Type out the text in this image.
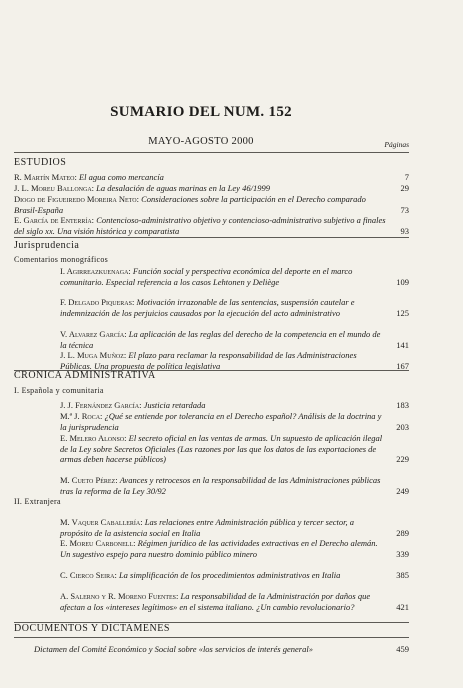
SUMARIO DEL NUM. 152
MAYO-AGOSTO 2000	Páginas
ESTUDIOS
R. Martín Mateo: El agua como mercancía	7
J. L. Moreu Ballonga: La desalación de aguas marinas en la Ley 46/1999	29
Diogo de Figueiredo Moreira Neto: Consideraciones sobre la participación en el Derecho comparado Brasil-España	73
E. García de Enterría: Contencioso-administrativo objetivo y contencioso-administrativo subjetivo a finales del siglo xx. Una visión histórica y comparatista	93
Jurisprudencia
Comentarios monográficos
I. Agirreazkuenaga: Función social y perspectiva económica del deporte en el marco comunitario. Especial referencia a los casos Lehtonen y Deliège	109
F. Delgado Piqueras: Motivación irrazonable de las sentencias, suspensión cautelar e indemnización de los perjuicios causados por la ejecución del acto administrativo	125
V. Alvarez García: La aplicación de las reglas del derecho de la competencia en el mundo de la técnica	141
J. L. Muga Muñoz: El plazo para reclamar la responsabilidad de las Administraciones Públicas. Una propuesta de política legislativa	167
CRONICA ADMINISTRATIVA
I. Española y comunitaria
J. J. Fernández García: Justicia retardada	183
M.ª J. Roca: ¿Qué se entiende por tolerancia en el Derecho español? Análisis de la doctrina y la jurisprudencia	203
E. Melero Alonso: El secreto oficial en las ventas de armas. Un supuesto de aplicación ilegal de la Ley sobre Secretos Oficiales (Las razones por las que los datos de las exportaciones de armas deben hacerse públicos)	229
M. Cueto Pérez: Avances y retrocesos en la responsabilidad de las Administraciones públicas tras la reforma de la Ley 30/92	249
II. Extranjera
M. Vaquer Caballería: Las relaciones entre Administración pública y tercer sector, a propósito de la asistencia social en Italia	289
E. Moreu Carbonell: Régimen jurídico de las actividades extractivas en el Derecho alemán. Un sugestivo espejo para nuestro dominio público minero	339
C. Cierco Seira: La simplificación de los procedimientos administrativos en Italia	385
A. Salerno y R. Moreno Fuentes: La responsabilidad de la Administración por daños que afectan a los «intereses legítimos» en el sistema italiano. ¿Un cambio revolucionario?	421
DOCUMENTOS Y DICTAMENES
Dictamen del Comité Económico y Social sobre «los servicios de interés general»	459
